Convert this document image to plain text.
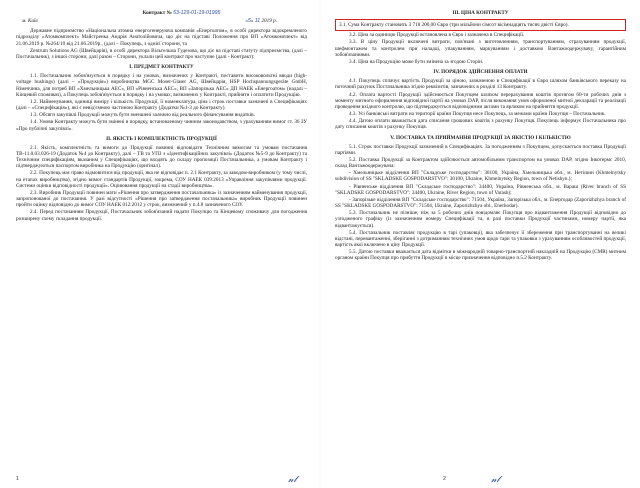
Контракт № 53-129-01-19-01995
м. Київ	«5» 11 2019 р.

Державне підприємство «Національна атомна енергогенеруюча компанія «Енергоатом», в особі директора відокремленого підрозділу «Атомкомплект» Майстренка Андрія Анатолійовича, що діє на підставі Положення про ВП «Атомкомплект» від 21.06.2019 р. №264/10 від 21.06.2019р., (далі – Покупець, з однієї сторони, та

Zentrum Solutions AG (Швейцарія), в особі директора Вільгельма Гудезова, що діє на підставі статуту підприємства, (далі – Постачальник), з іншої сторони, далі разом – Сторони, уклали цей контракт про наступне (далі - Контракт):

І. ПРЕДМЕТ КОНТРАКТУ

1.1. Постачальник зобов'язується в порядку і на умовах, визначених у Контракті, поставити високовольтні вводи (high-voltage bushings) (далі – «Продукція») виробництва MGC Moser-Glaser AG, Швейцарія, HSP Hochspannungsgeräte GmbH, Німеччина, для потреб ВП «Хмельницька АЕС», ВП «Рівненська АЕС», ВП «Запорізька АЕС» ДП НАЕК «Енергоатом» (надалі – Кінцевий споживач), а Покупець зобов'язується в порядку і на умовах, визначених у Контракті, прийняти і оплатити Продукцію.

1.2. Найменування, одиниці виміру і кількість Продукції, її номенклатура, ціна і строк поставки зазначені в Специфікаціях (далі – «Специфікація»), які є невід'ємною частиною Контракту (Додатки №1-3 до Контракту).

1.3. Обсяги закупівлі Продукції можуть бути зменшені залежно від реального фінансування видатків.

1.4. Умови Контракту можуть бути змінені в порядку, встановленому чинним законодавством, з урахуванням вимог ст. 36 ЗУ «Про публічні закупівлі».

ІІ. ЯКІСТЬ І КОМПЛЕКТНІСТЬ ПРОДУКЦІЇ

2.1. Якість, комплектність та вимоги до Продукції повинні відповідати Технічним вимогам та умовам постачання ТВ-11.0.03.026-19 (Додаток №4 до Контракту), далі – ТВ та УПЗ з «Ідентифікаційних закупівлі» (Додаток №5-9 до Контракту) та Технічним специфікаціям, вказаним у Специфікаціях, що входять до складу пропозиції Постачальника, а умовам Контракту і підтверджуються паспортом виробника на Продукцію (оригінал).

2.2. Покупець має право відмовитися від продукції, яка не відповідає п. 2.1 Контракту, за заводом-виробником (у тому числі, на етапах виробництва), згідно вимог стандартів Продукції, зокрема, СОУ НАЕК 039:2013 «Управління закупівлями продукції. Системи оцінки відповідності продукції». Оцінювання продукції на стадії виробництва».

2.3. Виробник Продукції повинен мати «Рішення про затвердження постачальника» із зазначенням найменування продукції, запропонованої до постачання. У разі відсутності «Рішення про затвердження постачальника» виробник Продукції повинен пройти оцінку відповідно до вимог СОУ НАЕК 012:2012 у строк, визначений у п.4.8 зазначеного СОУ.

2.4. Перед постачанням Продукції, Постачальник зобов'язаний надати Покупцю та Кінцевому споживачу для погодження розширену схему складання продукції.

1	𝓃𝓁
ІІІ. ЦІНА КОНТРАКТУ

3.1. Сума Контракту становить 3 718 200,00 Євро (три мільйони сімсот вісімнадцять тисяч двісті Євро).

3.2. Ціна за одиницю Продукції встановлена в Євро і зазначена в Специфікації.

3.3. В ціну Продукції включені витрати, пов'язані з виготовленням, транспортуванням, страхуванням продукції, шефмонтажем та контролем при наладці, упакуванням, маркуванням і доставкою Вантажоодержувачу, гарантійним зобов'язаннями.

3.4. Ціна на Продукцію може бути змінена за згодою Сторін.

IV. ПОРЯДОК ЗДІЙСНЕННЯ ОПЛАТИ

4.1. Покупець сплачує вартість Продукції за ціною, зазначеною в Специфікації в Євро шляхом банківського переказу на поточний рахунок Постачальника згідно реквізитів, зазначених в розділі 13 Контракту.

4.2. Оплата вартості Продукції здійснюється Покупцем шляхом перерахування коштів протягом 60-ти робочих днів з моменту митного оформлення відповідної партії на умовах DAP, після виконання умов оформленої митної декларації та реалізації проведення вхідного контролю, що підтверджується відповідними актами та ярликом на прийняття продукції.

4.3. Усі банківські витрати на території країни Покупця несе Покупець, за межами країни Покупця – Постачальник.

4.4. Датою оплати вважається дата списання грошових коштів з рахунку Покупця. Покупець інформує Постачальника про дату списання коштів з рахунку Покупця.

V. ПОСТАВКА ТА ПРИЙМАННЯ ПРОДУКЦІЇ ЗА ЯКІСТЮ І КІЛЬКІСТЮ

5.1. Строк поставки Продукції зазначений в Специфікаціях. За погодженням з Покупцем, допускається поставка Продукції партіями.

5.2. Поставка Продукції за Контрактом здійснюється автомобільним транспортом на умовах DAP, згідно Інкотермс 2010, склад Вантажоодержувача:

- Хмельницьке відділення ВП "Складське господарство": 30100, Україна, Хмельницька обл., м. Нетішин (Khmelnytsky subdivision of SS "SKLADSKE GOSPODARSTVO": 30100, Ukraine, Khmelnytsky Region, town of Netishyn.);

- Рівненське відділення ВП "Складське господарство": 34400, Україна, Рівненська обл., м. Вараш (River branch of SS "SKLADSKE GOSPODARSTVO": 34400, Ukraine, River Region, town of Varash);

- Запорізьке відділення ВП "Складське господарство": 71504, Україна, Запорізька обл., м. Енергодар (Zaporizhzhya branch of SS "SKLADSKE GOSPODARSTVO": 71504, Ukraine, Zaporizhzhya obl., Enerhodar).

5.3. Постачальник не пізніше, ніж за 5 робочих днів повідомляє Покупця про відвантаження Продукції відповідно до узгодженого графіку (із зазначенням номеру Специфікації та, в разі поставки Продукції частинами, номеру партії, яка відвантажується).

5.4. Постачальник поставляє продукцію в тарі (упаковці), яка забезпечує її збереження при транспортуванні на великі відстані, перевантаженні, зберіганні з дотриманням технічних умов щодо тари та упаковки з урахуванням особливостей продукції, вартість якої включено в ціну Продукції.

5.5. Датою поставки вважається дата відмітки в міжнародній товарно-транспортній накладній на Продукцію (CMR) митним органом країни Покупця про прибуття Продукції в місце призначення відповідно п.5.2 Контракту.

2	𝓃𝓁
